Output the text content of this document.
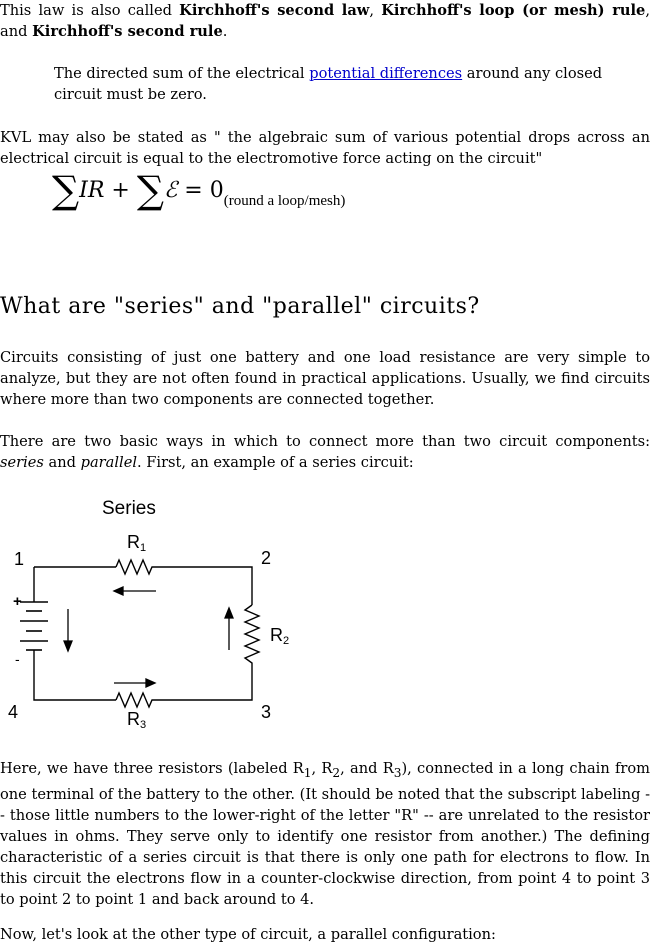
This law is also called Kirchhoff's second law, Kirchhoff's loop (or mesh) rule, and Kirchhoff's second rule.

The directed sum of the electrical potential differences around any closed circuit must be zero.

KVL may also be stated as " the algebraic sum of various potential drops across an electrical circuit is equal to the electromotive force acting on the circuit"

∑IR + ∑ℰ = 0(round a loop/mesh)
What are "series" and "parallel" circuits?

Circuits consisting of just one battery and one load resistance are very simple to analyze, but they are not often found in practical applications. Usually, we find circuits where more than two components are connected together.

There are two basic ways in which to connect more than two circuit components: series and parallel. First, an example of a series circuit:

Series
+
-
1	2
3
4
R1
R2
R3

Here, we have three resistors (labeled $R_1$, $R_2$, and $R_3$), connected in a long chain from one terminal of the battery to the other. (It should be noted that the subscript labeling -- those little numbers to the lower-right of the letter "R" -- are unrelated to the resistor values in ohms. They serve only to identify one resistor from another.) The defining characteristic of a series circuit is that there is only one path for electrons to flow. In this circuit the electrons flow in a counter-clockwise direction, from point 4 to point 3 to point 2 to point 1 and back around to 4.

Now, let's look at the other type of circuit, a parallel configuration:
